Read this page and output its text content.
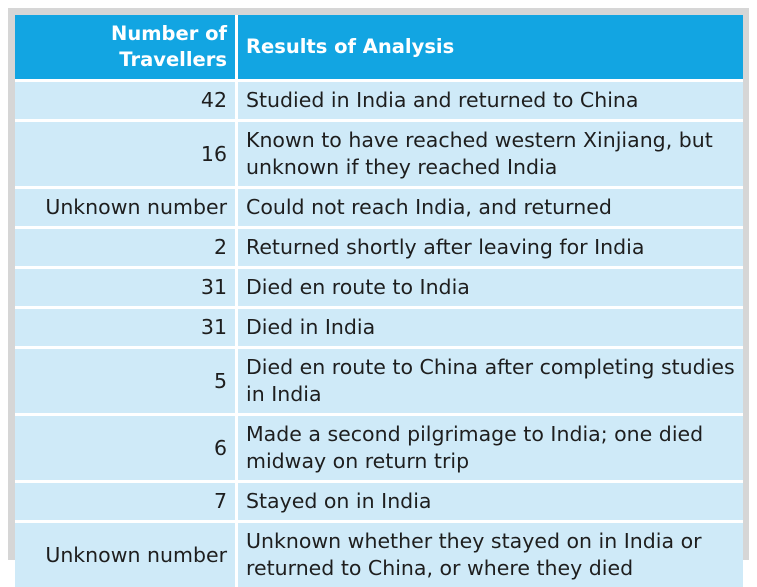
Number of Travellers	Results of Analysis
42	Studied in India and returned to China
16	Known to have reached western Xinjiang, but unknown if they reached India
Unknown number	Could not reach India, and returned
2	Returned shortly after leaving for India
31	Died en route to India
31	Died in India
5	Died en route to China after completing studies in India
6	Made a second pilgrimage to India; one died midway on return trip
7	Stayed on in India
Unknown number	Unknown whether they stayed on in India or returned to China, or where they died
